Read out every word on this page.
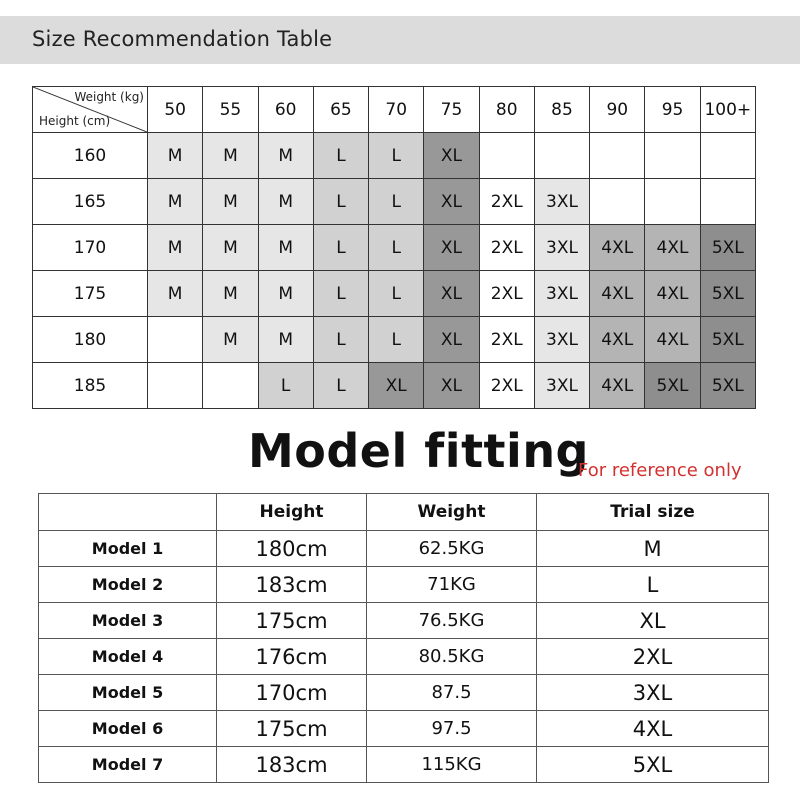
Size Recommendation Table
Weight (kg)
Height (cm)	50	55	60	65	70	75	80	85	90	95	100+
160	M	M	M	L	L	XL					
165	M	M	M	L	L	XL	2XL	3XL			
170	M	M	M	L	L	XL	2XL	3XL	4XL	4XL	5XL
175	M	M	M	L	L	XL	2XL	3XL	4XL	4XL	5XL
180		M	M	L	L	XL	2XL	3XL	4XL	4XL	5XL
185			L	L	XL	XL	2XL	3XL	4XL	5XL	5XL
Model fitting
For reference only
	Height	Weight	Trial size
Model 1	180cm	62.5KG	M
Model 2	183cm	71KG	L
Model 3	175cm	76.5KG	XL
Model 4	176cm	80.5KG	2XL
Model 5	170cm	87.5	3XL
Model 6	175cm	97.5	4XL
Model 7	183cm	115KG	5XL
